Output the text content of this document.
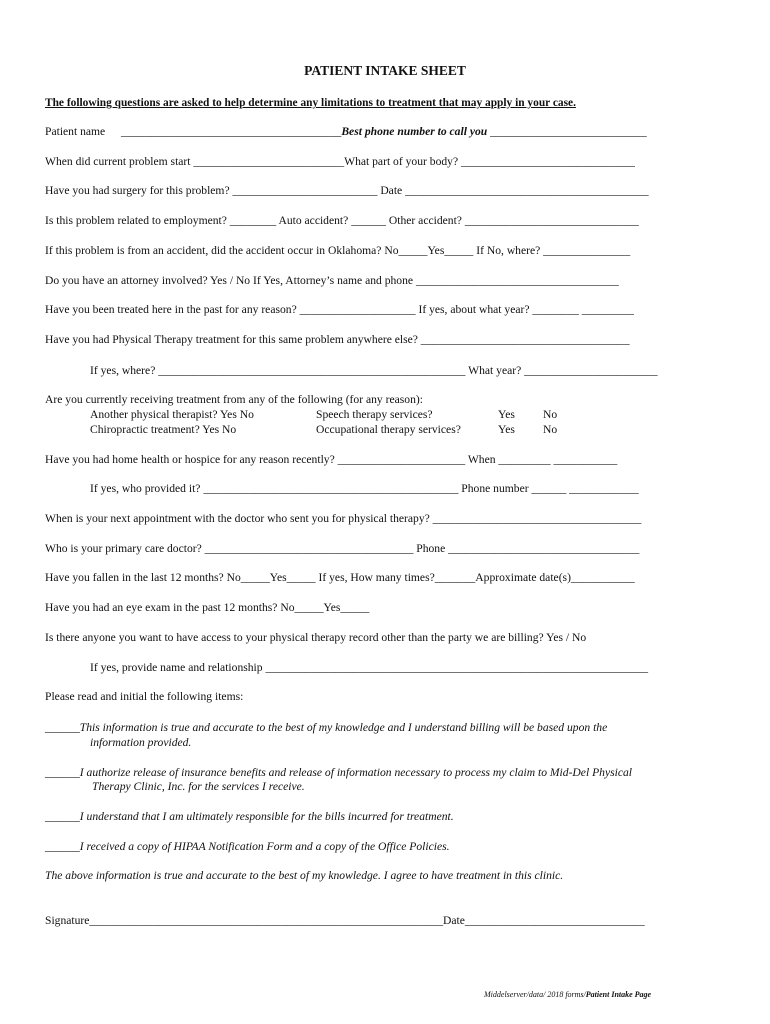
PATIENT INTAKE SHEET
The following questions are asked to help determine any limitations to treatment that may apply in your case.
Patient name ______________________________________Best phone number to call you ___________________________
When did current problem start __________________________What part of your body? ______________________________
Have you had surgery for this problem? _________________________ Date __________________________________________
Is this problem related to employment? ________ Auto accident? ______ Other accident? ______________________________
If this problem is from an accident, did the accident occur in Oklahoma? No_____Yes_____ If No, where? _______________
Do you have an attorney involved? Yes / No If Yes, Attorney’s name and phone ___________________________________
Have you been treated here in the past for any reason? ____________________ If yes, about what year? ________ _________
Have you had Physical Therapy treatment for this same problem anywhere else? ____________________________________
If yes, where? _____________________________________________________ What year? _______________________
Are you currently receiving treatment from any of the following (for any reason):
Another physical therapist? Yes No	Speech therapy services?	Yes No
Chiropractic treatment? Yes No	Occupational therapy services?	Yes No
Have you had home health or hospice for any reason recently? ______________________ When _________ ___________
If yes, who provided it? ____________________________________________ Phone number ______ ____________
When is your next appointment with the doctor who sent you for physical therapy? ____________________________________
Who is your primary care doctor? ____________________________________ Phone _________________________________
Have you fallen in the last 12 months? No_____Yes_____ If yes, How many times?_______Approximate date(s)___________
Have you had an eye exam in the past 12 months? No_____Yes_____
Is there anyone you want to have access to your physical therapy record other than the party we are billing? Yes / No
If yes, provide name and relationship __________________________________________________________________
Please read and initial the following items:
______This information is true and accurate to the best of my knowledge and I understand billing will be based upon the
information provided.
______I authorize release of insurance benefits and release of information necessary to process my claim to Mid-Del Physical
Therapy Clinic, Inc. for the services I receive.
______I understand that I am ultimately responsible for the bills incurred for treatment.
______I received a copy of HIPAA Notification Form and a copy of the Office Policies.
The above information is true and accurate to the best of my knowledge. I agree to have treatment in this clinic.
Signature_____________________________________________________________Date_______________________________
Middelserver/data/ 2018 forms/Patient Intake Page
